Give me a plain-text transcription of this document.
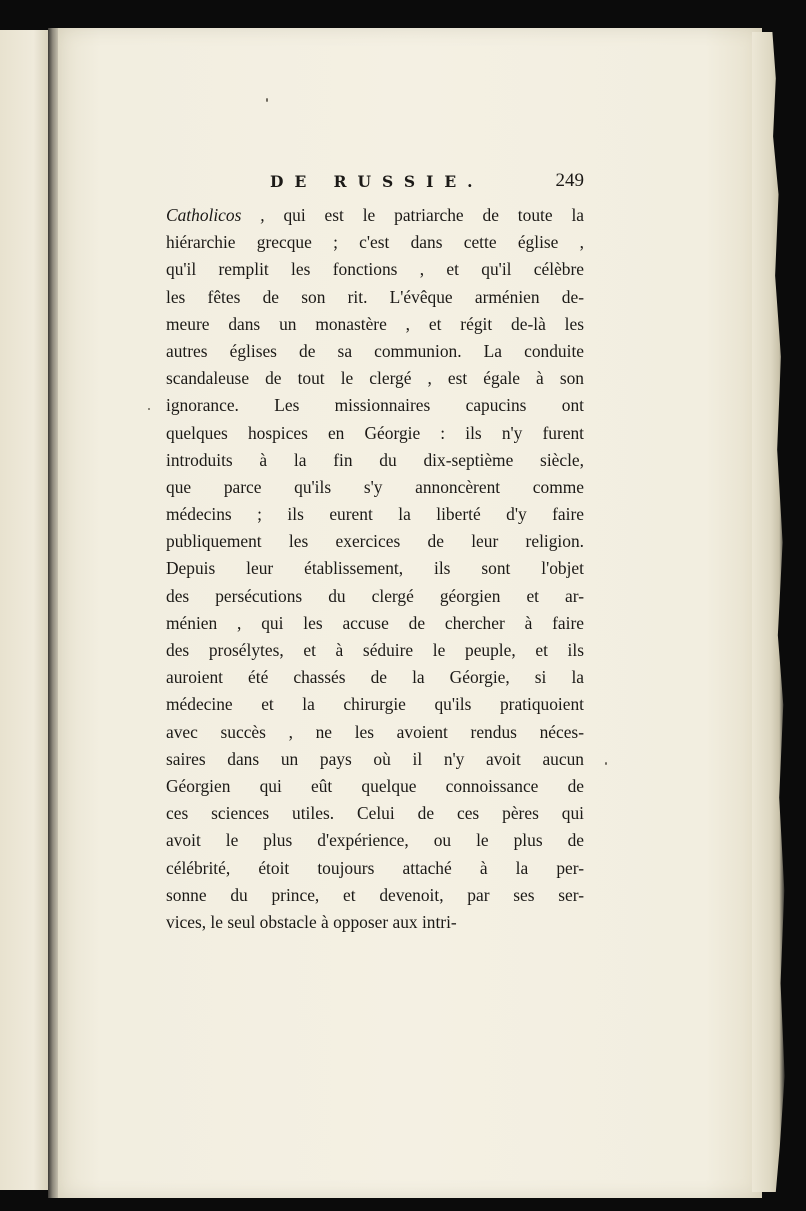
DE RUSSIE.	249
Catholicos , qui est le patriarche de toute la
hiérarchie grecque ; c'est dans cette église ,
qu'il remplit les fonctions , et qu'il célèbre
les fêtes de son rit. L'évêque arménien de-
meure dans un monastère , et régit de-là les
autres églises de sa communion. La conduite
scandaleuse de tout le clergé , est égale à son
ignorance. Les missionnaires capucins ont
quelques hospices en Géorgie : ils n'y furent
introduits à la fin du dix-septième siècle,
que parce qu'ils s'y annoncèrent comme
médecins ; ils eurent la liberté d'y faire
publiquement les exercices de leur religion.
Depuis leur établissement, ils sont l'objet
des persécutions du clergé géorgien et ar-
ménien , qui les accuse de chercher à faire
des prosélytes, et à séduire le peuple, et ils
auroient été chassés de la Géorgie, si la
médecine et la chirurgie qu'ils pratiquoient
avec succès , ne les avoient rendus néces-
saires dans un pays où il n'y avoit aucun
Géorgien qui eût quelque connoissance de
ces sciences utiles. Celui de ces pères qui
avoit le plus d'expérience, ou le plus de
célébrité, étoit toujours attaché à la per-
sonne du prince, et devenoit, par ses ser-
vices, le seul obstacle à opposer aux intri-
